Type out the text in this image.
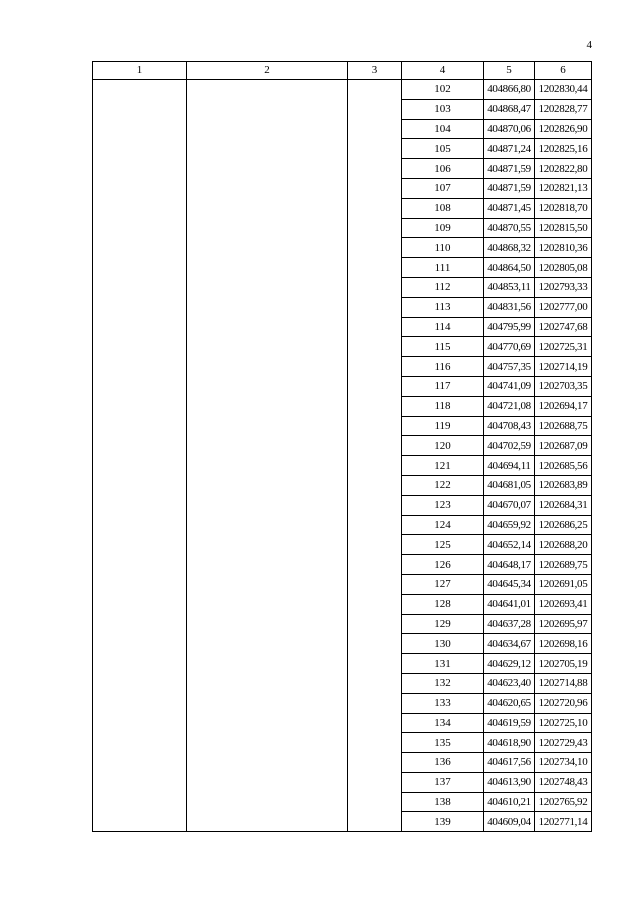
4
1	2	3	4	5	6
			102	404866,80	1202830,44
			103	404868,47	1202828,77
			104	404870,06	1202826,90
			105	404871,24	1202825,16
			106	404871,59	1202822,80
			107	404871,59	1202821,13
			108	404871,45	1202818,70
			109	404870,55	1202815,50
			110	404868,32	1202810,36
			111	404864,50	1202805,08
			112	404853,11	1202793,33
			113	404831,56	1202777,00
			114	404795,99	1202747,68
			115	404770,69	1202725,31
			116	404757,35	1202714,19
			117	404741,09	1202703,35
			118	404721,08	1202694,17
			119	404708,43	1202688,75
			120	404702,59	1202687,09
			121	404694,11	1202685,56
			122	404681,05	1202683,89
			123	404670,07	1202684,31
			124	404659,92	1202686,25
			125	404652,14	1202688,20
			126	404648,17	1202689,75
			127	404645,34	1202691,05
			128	404641,01	1202693,41
			129	404637,28	1202695,97
			130	404634,67	1202698,16
			131	404629,12	1202705,19
			132	404623,40	1202714,88
			133	404620,65	1202720,96
			134	404619,59	1202725,10
			135	404618,90	1202729,43
			136	404617,56	1202734,10
			137	404613,90	1202748,43
			138	404610,21	1202765,92
			139	404609,04	1202771,14
